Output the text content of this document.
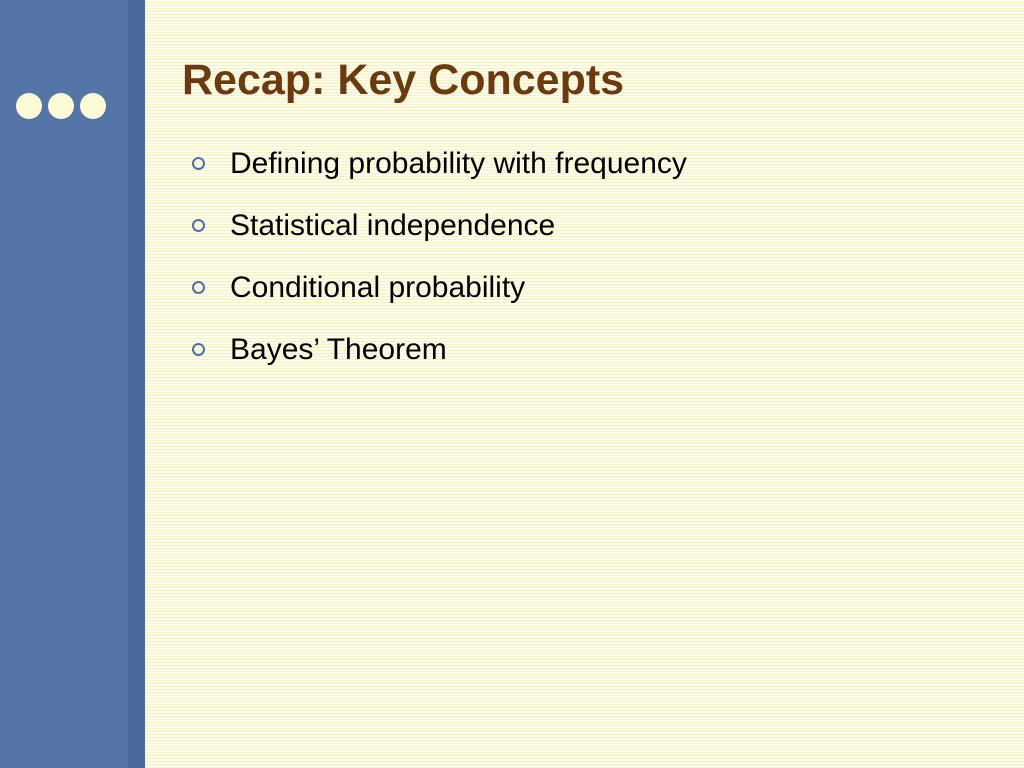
Recap: Key Concepts
Defining probability with frequency
Statistical independence
Conditional probability
Bayes’ Theorem
